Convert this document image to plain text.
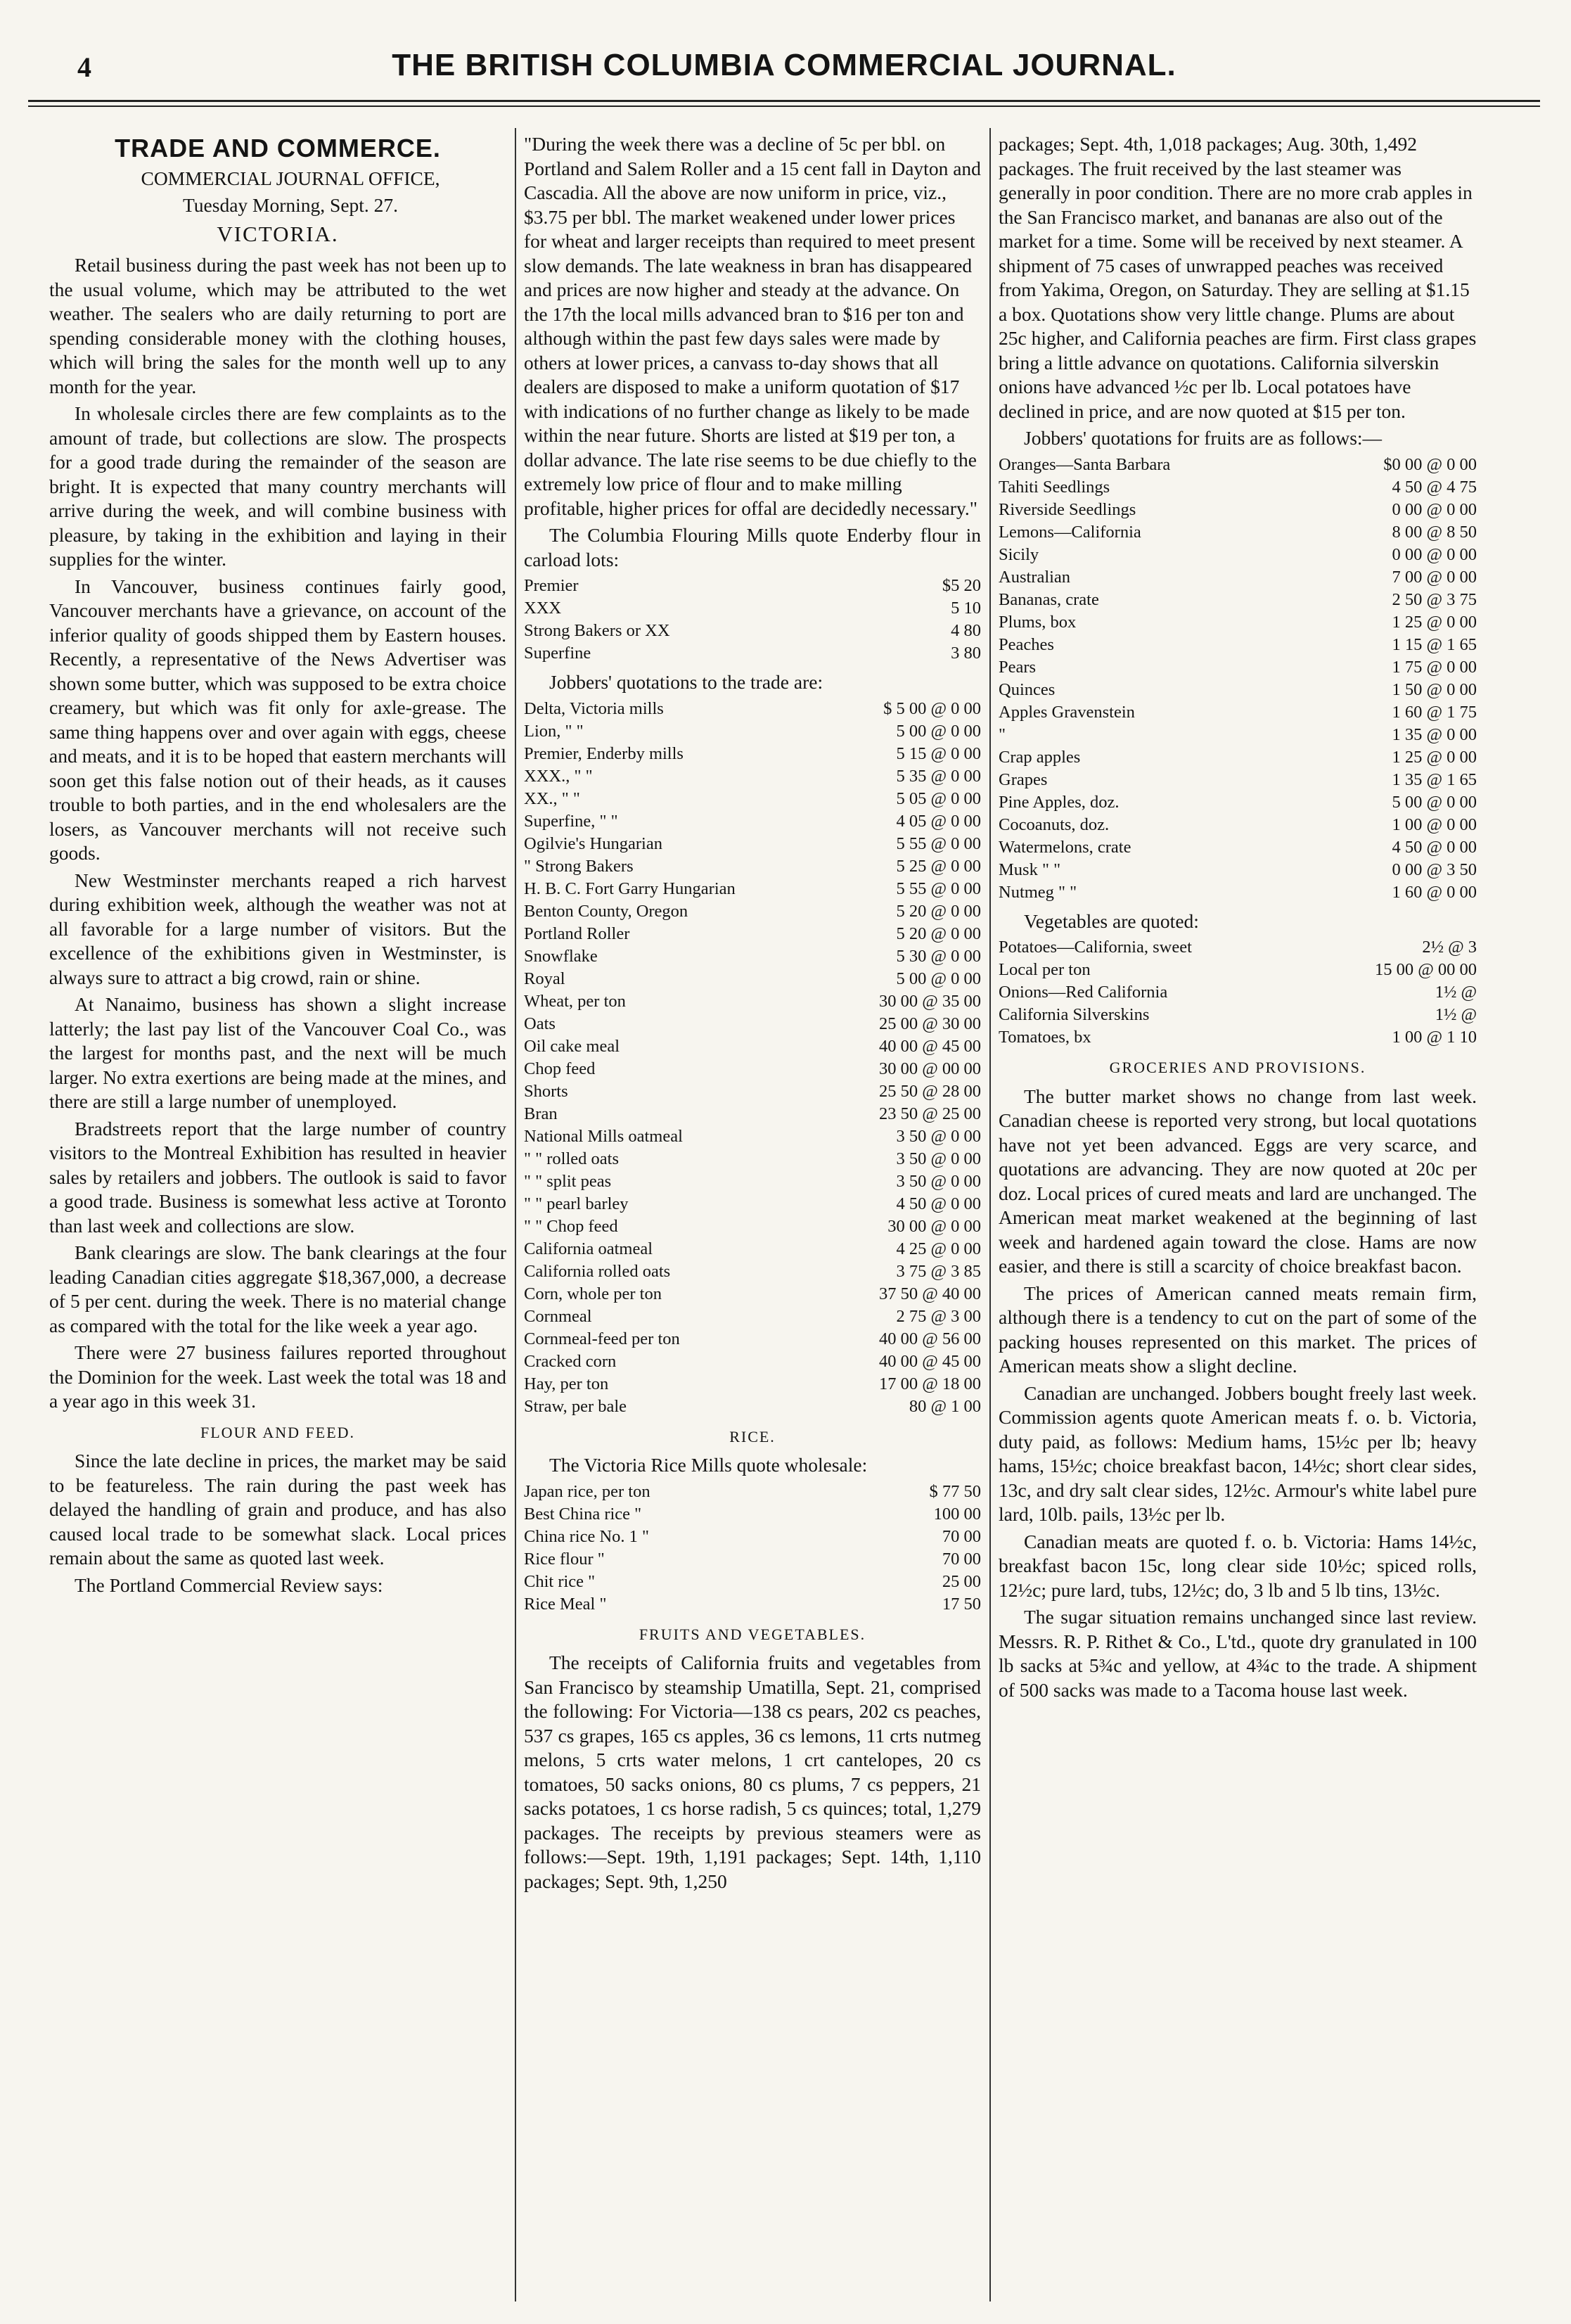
4	THE BRITISH COLUMBIA COMMERCIAL JOURNAL.
TRADE AND COMMERCE.

COMMERCIAL JOURNAL OFFICE,

Tuesday Morning, Sept. 27.

VICTORIA.

Retail business during the past week has not been up to the usual volume, which may be attributed to the wet weather. The sealers who are daily returning to port are spending considerable money with the clothing houses, which will bring the sales for the month well up to any month for the year.

In wholesale circles there are few complaints as to the amount of trade, but collections are slow. The prospects for a good trade during the remainder of the season are bright. It is expected that many country merchants will arrive during the week, and will combine business with pleasure, by taking in the exhibition and laying in their supplies for the winter.

In Vancouver, business continues fairly good, Vancouver merchants have a grievance, on account of the inferior quality of goods shipped them by Eastern houses. Recently, a representative of the News Advertiser was shown some butter, which was supposed to be extra choice creamery, but which was fit only for axle-grease. The same thing happens over and over again with eggs, cheese and meats, and it is to be hoped that eastern merchants will soon get this false notion out of their heads, as it causes trouble to both parties, and in the end wholesalers are the losers, as Vancouver merchants will not receive such goods.

New Westminster merchants reaped a rich harvest during exhibition week, although the weather was not at all favorable for a large number of visitors. But the excellence of the exhibitions given in Westminster, is always sure to attract a big crowd, rain or shine.

At Nanaimo, business has shown a slight increase latterly; the last pay list of the Vancouver Coal Co., was the largest for months past, and the next will be much larger. No extra exertions are being made at the mines, and there are still a large number of unemployed.

Bradstreets report that the large number of country visitors to the Montreal Exhibition has resulted in heavier sales by retailers and jobbers. The outlook is said to favor a good trade. Business is somewhat less active at Toronto than last week and collections are slow.

Bank clearings are slow. The bank clearings at the four leading Canadian cities aggregate $18,367,000, a decrease of 5 per cent. during the week. There is no material change as compared with the total for the like week a year ago.

There were 27 business failures reported throughout the Dominion for the week. Last week the total was 18 and a year ago in this week 31.

FLOUR AND FEED.

Since the late decline in prices, the market may be said to be featureless. The rain during the past week has delayed the handling of grain and produce, and has also caused local trade to be somewhat slack. Local prices remain about the same as quoted last week.

The Portland Commercial Review says:

"During the week there was a decline of 5c per bbl. on Portland and Salem Roller and a 15 cent fall in Dayton and Cascadia. All the above are now uniform in price, viz., $3.75 per bbl. The market weakened under lower prices for wheat and larger receipts than required to meet present slow demands. The late weakness in bran has disappeared and prices are now higher and steady at the advance. On the 17th the local mills advanced bran to $16 per ton and although within the past few days sales were made by others at lower prices, a canvass to-day shows that all dealers are disposed to make a uniform quotation of $17 with indications of no further change as likely to be made within the near future. Shorts are listed at $19 per ton, a dollar advance. The late rise seems to be due chiefly to the extremely low price of flour and to make milling profitable, higher prices for offal are decidedly necessary."

The Columbia Flouring Mills quote Enderby flour in carload lots:

Premier	$5 20
XXX	5 10
Strong Bakers or XX	4 80
Superfine	3 80

Jobbers' quotations to the trade are:

Delta, Victoria mills	$ 5 00 @ 0 00
Lion, " "	5 00 @ 0 00
Premier, Enderby mills	5 15 @ 0 00
XXX., " "	5 35 @ 0 00
XX., " "	5 05 @ 0 00
Superfine, " "	4 05 @ 0 00
Ogilvie's Hungarian	5 55 @ 0 00
" Strong Bakers	5 25 @ 0 00
H. B. C. Fort Garry Hungarian	5 55 @ 0 00
Benton County, Oregon	5 20 @ 0 00
Portland Roller	5 20 @ 0 00
Snowflake	5 30 @ 0 00
Royal	5 00 @ 0 00
Wheat, per ton	30 00 @ 35 00
Oats	25 00 @ 30 00
Oil cake meal	40 00 @ 45 00
Chop feed	30 00 @ 00 00
Shorts	25 50 @ 28 00
Bran	23 50 @ 25 00
National Mills oatmeal	3 50 @ 0 00
" " rolled oats	3 50 @ 0 00
" " split peas	3 50 @ 0 00
" " pearl barley	4 50 @ 0 00
" " Chop feed	30 00 @ 0 00
California oatmeal	4 25 @ 0 00
California rolled oats	3 75 @ 3 85
Corn, whole per ton	37 50 @ 40 00
Cornmeal	2 75 @ 3 00
Cornmeal-feed per ton	40 00 @ 56 00
Cracked corn	40 00 @ 45 00
Hay, per ton	17 00 @ 18 00
Straw, per bale	80 @ 1 00
RICE.

The Victoria Rice Mills quote wholesale:

Japan rice, per ton	$ 77 50
Best China rice "	100 00
China rice No. 1 "	70 00
Rice flour "	70 00
Chit rice "	25 00
Rice Meal "	17 50
FRUITS AND VEGETABLES.

The receipts of California fruits and vegetables from San Francisco by steamship Umatilla, Sept. 21, comprised the following: For Victoria—138 cs pears, 202 cs peaches, 537 cs grapes, 165 cs apples, 36 cs lemons, 11 crts nutmeg melons, 5 crts water melons, 1 crt cantelopes, 20 cs tomatoes, 50 sacks onions, 80 cs plums, 7 cs peppers, 21 sacks potatoes, 1 cs horse radish, 5 cs quinces; total, 1,279 packages. The receipts by previous steamers were as follows:—Sept. 19th, 1,191 packages; Sept. 14th, 1,110 packages; Sept. 9th, 1,250

packages; Sept. 4th, 1,018 packages; Aug. 30th, 1,492 packages. The fruit received by the last steamer was generally in poor condition. There are no more crab apples in the San Francisco market, and bananas are also out of the market for a time. Some will be received by next steamer. A shipment of 75 cases of unwrapped peaches was received from Yakima, Oregon, on Saturday. They are selling at $1.15 a box. Quotations show very little change. Plums are about 25c higher, and California peaches are firm. First class grapes bring a little advance on quotations. California silverskin onions have advanced ½c per lb. Local potatoes have declined in price, and are now quoted at $15 per ton.

Jobbers' quotations for fruits are as follows:—

Oranges—Santa Barbara	$0 00 @ 0 00
Tahiti Seedlings	4 50 @ 4 75
Riverside Seedlings	0 00 @ 0 00
Lemons—California	8 00 @ 8 50
Sicily	0 00 @ 0 00
Australian	7 00 @ 0 00
Bananas, crate	2 50 @ 3 75
Plums, box	1 25 @ 0 00
Peaches	1 15 @ 1 65
Pears	1 75 @ 0 00
Quinces	1 50 @ 0 00
Apples Gravenstein	1 60 @ 1 75
"	1 35 @ 0 00
Crap apples	1 25 @ 0 00
Grapes	1 35 @ 1 65
Pine Apples, doz.	5 00 @ 0 00
Cocoanuts, doz.	1 00 @ 0 00
Watermelons, crate	4 50 @ 0 00
Musk " "	0 00 @ 3 50
Nutmeg " "	1 60 @ 0 00

Vegetables are quoted:

Potatoes—California, sweet	2½ @ 3
Local per ton	15 00 @ 00 00
Onions—Red California	1½ @
California Silverskins	1½ @
Tomatoes, bx	1 00 @ 1 10
GROCERIES AND PROVISIONS.

The butter market shows no change from last week. Canadian cheese is reported very strong, but local quotations have not yet been advanced. Eggs are very scarce, and quotations are advancing. They are now quoted at 20c per doz. Local prices of cured meats and lard are unchanged. The American meat market weakened at the beginning of last week and hardened again toward the close. Hams are now easier, and there is still a scarcity of choice breakfast bacon.

The prices of American canned meats remain firm, although there is a tendency to cut on the part of some of the packing houses represented on this market. The prices of American meats show a slight decline.

Canadian are unchanged. Jobbers bought freely last week. Commission agents quote American meats f. o. b. Victoria, duty paid, as follows: Medium hams, 15½c per lb; heavy hams, 15½c; choice breakfast bacon, 14½c; short clear sides, 13c, and dry salt clear sides, 12½c. Armour's white label pure lard, 10lb. pails, 13½c per lb.

Canadian meats are quoted f. o. b. Victoria: Hams 14½c, breakfast bacon 15c, long clear side 10½c; spiced rolls, 12½c; pure lard, tubs, 12½c; do, 3 lb and 5 lb tins, 13½c.

The sugar situation remains unchanged since last review. Messrs. R. P. Rithet & Co., L'td., quote dry granulated in 100 lb sacks at 5¾c and yellow, at 4¾c to the trade. A shipment of 500 sacks was made to a Tacoma house last week.
